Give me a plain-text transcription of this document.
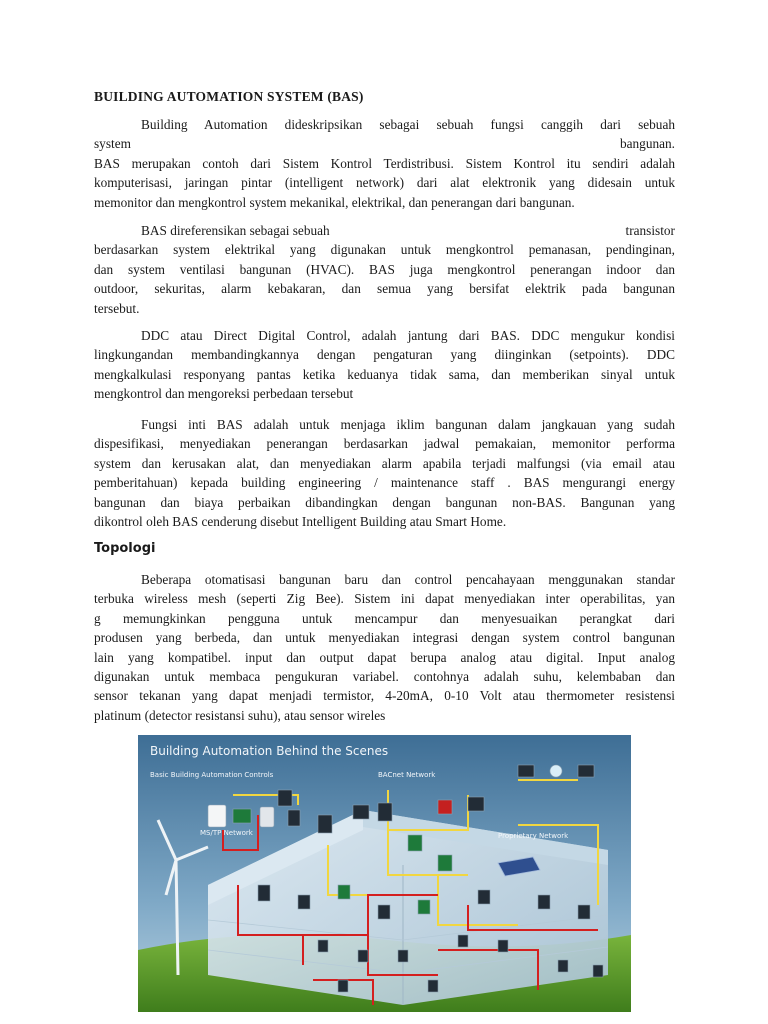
BUILDING AUTOMATION SYSTEM (BAS)
Building Automation dideskripsikan sebagai sebuah fungsi canggih dari sebuah
system	bangunan.
BAS merupakan contoh dari Sistem Kontrol Terdistribusi. Sistem Kontrol itu sendiri adalah
komputerisasi, jaringan pintar (intelligent network) dari alat elektronik yang didesain untuk
memonitor dan mengkontrol system mekanikal, elektrikal, dan penerangan dari bangunan.
BAS direferensikan sebagai sebuah	transistor
berdasarkan system elektrikal yang digunakan untuk mengkontrol pemanasan, pendinginan,
dan system ventilasi bangunan (HVAC). BAS juga mengkontrol penerangan indoor dan
outdoor, sekuritas, alarm kebakaran, dan semua yang bersifat elektrik pada bangunan
tersebut.
DDC atau Direct Digital Control, adalah jantung dari BAS. DDC mengukur kondisi
lingkungandan membandingkannya dengan pengaturan yang diinginkan (setpoints). DDC
mengkalkulasi responyang pantas ketika keduanya tidak sama, dan memberikan sinyal untuk
mengkontrol dan mengoreksi perbedaan tersebut
Fungsi inti BAS adalah untuk menjaga iklim bangunan dalam jangkauan yang sudah
dispesifikasi, menyediakan penerangan berdasarkan jadwal pemakaian, memonitor performa
system dan kerusakan alat, dan menyediakan alarm apabila terjadi malfungsi (via email atau
pemberitahuan) kepada building engineering / maintenance staff . BAS mengurangi energy
bangunan dan biaya perbaikan dibandingkan dengan bangunan non-BAS. Bangunan yang
dikontrol oleh BAS cenderung disebut Intelligent Building atau Smart Home.
Topologi
Beberapa otomatisasi bangunan baru dan control pencahayaan menggunakan standar
terbuka wireless mesh (seperti Zig Bee). Sistem ini dapat menyediakan inter operabilitas, yan
g memungkinkan pengguna untuk mencampur dan menyesuaikan perangkat dari
produsen yang berbeda, dan untuk menyediakan integrasi dengan system control bangunan
lain yang kompatibel. input dan output dapat berupa analog atau digital. Input analog
digunakan untuk membaca pengukuran variabel. contohnya adalah suhu, kelembaban dan
sensor tekanan yang dapat menjadi termistor, 4-20mA, 0-10 Volt atau thermometer resistensi
platinum (detector resistansi suhu), atau sensor wireles
Building Automation Behind the Scenes
Basic Building Automation Controls	BACnet Network
MS/TP Network	Proprietary Network
